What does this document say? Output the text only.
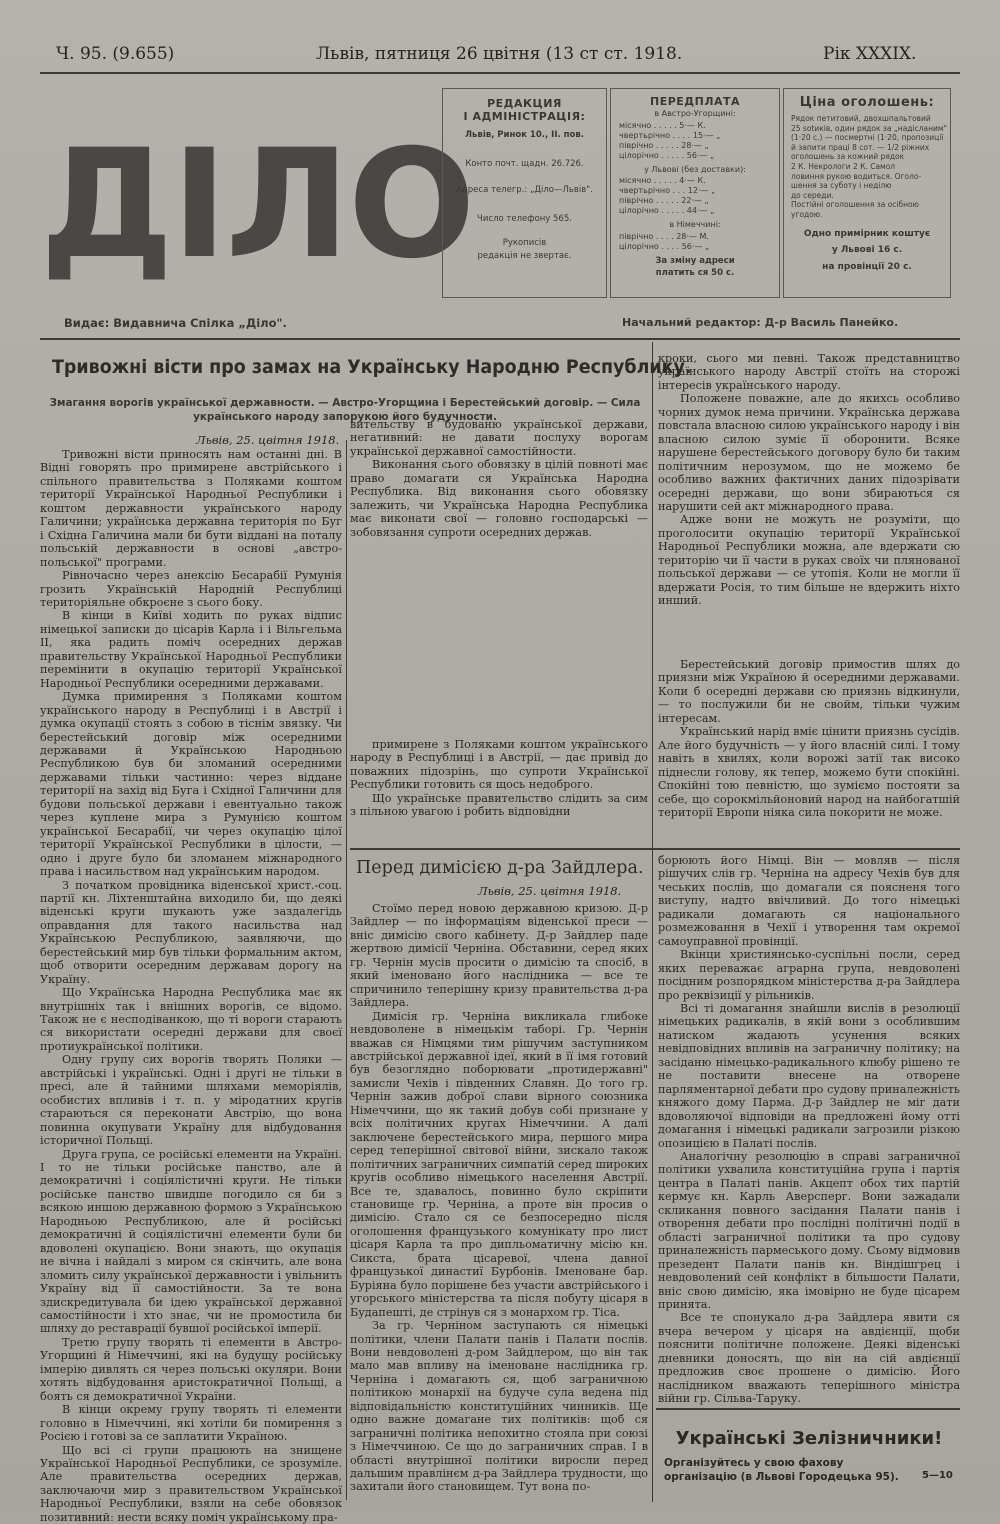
Ч. 95. (9.655)	Львів, пятниця 26 цвітня (13 ст ст. 1918.	Рік XXXIX.
ДІЛО
РЕДАКЦИЯ
І АДМІНІСТРАЦІЯ:
Львів, Ринок 10., II. пов.
Конто почт. щадн. 26.726.
Адреса телегр.: „Діло—Львів".
Число телефону 565.
Рукописів
редакція не звертає.
ПЕРЕДПЛАТА
в Австро-Угорщині:
місячно . . . . . 5·— К.
чвертьрічно . . . . 15·— „
піврічно . . . . . 28·— „
цілорічно . . . . . 56·— „
у Львові (без доставки):
місячно . . . . . 4·— К.
чвертьрічно . . . 12·— „
піврічно . . . . . 22·— „
цілорічно . . . . . 44·— „
в Німеччині:
піврічно . . . . 28·— М.
цілорічно . . . . 56·— „
За зміну адреси
платить ся 50 с.
Ціна оголошень:
Рядок петитовий, двохшпальтовий
25 sotиків, один рядок за „надісланим"
(1·20 с.) — посмертні (1·20, пропозиції
й запити праці 8 сот. — 1/2 ріжних
оголошень за кожний рядок
2 К. Некрологи 2 К. Самол
ловиння рукою водиться. Оголо-
шення за суботу і неділю
до середи.
Постійні оголошення за осібною
угодою.
Одно примірник коштує
у Львові 16 с.
на провінції 20 с.
Видає: Видавнича Спілка „Діло".	Начальний редактор: Д-р Василь Панейко.
Тривожні вісти про замах на Українську Народню Республику.
Змагання ворогів української державности. — Австро-Угорщина і Берестейський договір. — Сила українського народу запорукою його будучности.
Львів, 25. цвітня 1918.

Тривожні вісти приносять нам останні дні. В Відні говорять про примирене австрійського і спільного правительства з Поляками коштом території Української Народньої Республики і коштом державности українського народу Галичини; українська державна територія по Буг і Східна Галичина мали би бути віддані на поталу польській державности в основі „австро-польської" програми.

Рівночасно через анексію Бесарабії Румунія грозить Українській Народній Республиці територіяльне обкроєне з сього боку.

В кінци в Київі ходить по руках відпис німецької записки до цісарів Карла і і Вільгельма II, яка радить поміч осередних держав правительству Української Народньої Республики перемінити в окупацію території Української Народньої Республики осередними державами.

Думка примирення з Поляками коштом українського народу в Республиці і в Австрії і думка окупації стоять з собою в тіснім звязку. Чи берестейський договір між осередними державами й Українською Народньою Республикою був би зломаний осередними державами тільки частинно: через віддане території на захід від Буга і Східної Галичини для будови польської держави і евентуально також через куплене мира з Румунією коштом української Бесарабії, чи через окупацію цілої території Української Республики в цілости, — одно і друге було би зломанем міжнародного права і насильством над українським народом.

З початком провідника віденської христ.-соц. партії кн. Ліхтенштайна виходило би, що деякі віденські круги шукають уже заздалегідь оправдання для такого насильства над Українською Республикою, заявляючи, що берестейський мир був тільки формальним актом, щоб отворити осередним державам дорогу на Україну.

Що Українська Народна Республика має як внутрішніх так і внішних ворогів, се відомо. Також не є несподіванкою, що ті вороги старають ся використати осередні держави для своєї протиукраїнської політики.

Одну групу сих ворогів творять Поляки — австрійські і українські. Одні і другі не тільки в пресі, але й тайними шляхами меморіялів, особистих впливів і т. п. у міродатних кругів стараються ся переконати Австрію, що вона повинна окупувати Україну для відбудовання історичної Польщі.

Друга група, се російські елементи на Україні. І то не тільки російське панство, але й демократичні і соціялістичні круги. Не тільки російське панство швидше погодило ся би з всякою иншою державною формою з Українською Народньою Республикою, але й російські демократичні й соціялістичні елементи були би вдоволені окупацією. Вони знають, що окупація не вічна і найдалі з миром ся скінчить, але вона зломить силу української державности і увільнить Україну від її самостійности. За те вона здискредитувала би ідею української державної самостійности і хто знає, чи не промостила би шляху до реставрації бувшої російської імперії.

Третю групу творять ті елементи в Австро-Угорщині й Німеччині, які на будущу російську імперію дивлять ся через польські окуляри. Вони хотять відбудовання аристократичної Польщі, а боять ся демократичної України.

В кінци окрему групу творять ті елементи головно в Німеччині, які хотіли би помирення з Росією і готові за се заплатити Україною.

Що всі сі групи працюють на знищене Української Народньої Республики, се зрозуміле. Але правительства осередних держав, заключаючи мир з правительством Української Народньої Республики, взяли на себе обовязок позитивний: нести всяку поміч українському пра-

вительству в будованю української держави, негативний: не давати послуху ворогам української державної самостійности.

Виконання сього обовязку в цілій повноті має право домагати ся Українська Народна Республика. Від виконання сього обовязку залежить, чи Українська Народна Республика має виконати свої — головно господарські — зобовязання супроти осередних держав.

примирене з Поляками коштом українського народу в Республиці і в Австрії, — дає привід до поважних підозрінь, що супроти Української Республики готовить ся щось недоброго.

Що українське правительство слідить за сим з пільною увагою і робить відповідни

кроки, сього ми певні. Також представництво українського народу Австрії стоїть на сторожі інтересів українського народу.

Положене поважне, але до якихсь особливо чорних думок нема причини. Українська держава повстала власною силою українського народу і він власною силою зуміє її оборонити. Всяке нарушене берестейського договору було би таким політичним нерозумом, що не можемо бе особливо важних фактичних даних підозрівати осередні держави, що вони збираються ся нарушити сей акт міжнародного права.

Адже вони не можуть не розуміти, що проголосити окупацію території Української Народньої Республики можна, але вдержати сю територію чи її части в руках своїх чи плянованої польської держави — се утопія. Коли не могли її вдержати Росія, то тим більше не вдержить ніхто инший.

Берестейський договір примостив шлях до приязни між Україною й осередними державами. Коли б осередні держави сю приязнь відкинули, — то послужили би не свойм, тільки чужим інтересам.

Український нарід вміє цінити приязнь сусідів. Але його будучність — у його власній силі. І тому навіть в хвилях, коли ворожі затії так високо піднесли голову, як тепер, можемо бути спокійні. Спокійні тою певністю, що зуміємо постояти за себе, що сорокмільйоновий народ на найбогатшій території Европи ніяка сила покорити не може.

Перед димісією д-ра Зайдлера.
Львів, 25. цвітня 1918.

Стоїмо перед новою державною кризою. Д-р Зайдлер — по інформаціям віденської преси — вніс димісію свого кабінету. Д-р Зайдлер паде жертвою димісії Черніна. Обставини, серед яких гр. Чернін мусів просити о димісію та спосіб, в який іменовано його наслідника — все те спричинило теперішну кризу правительства д-ра Зайдлера.

Димісія гр. Черніна викликала глибоке невдоволене в німецькім таборі. Гр. Чернін вважав ся Німцями тим рішучим заступником австрійської державної ідеї, який в її імя готовий був безоглядно поборювати „протидержавні" замисли Чехів і південних Славян. До того гр. Чернін зажив доброї слави вірного союзника Німеччини, що як такий добув собі признане у всіх політичних кругах Німеччини. А далі заключене берестейського мира, першого мира серед теперішної світової війни, зискало також політичних заграничних симпатій серед широких кругів особливо німецького населення Австрії. Все те, здавалось, повинно було скріпити становище гр. Черніна, а проте він просив о димісію. Стало ся се безпосередно після оголошення французького комунікату про лист цісаря Карла та про дипльоматичну місію кн. Сикста, брата цісаревої, члена давної французької династиї Бурбонів. Іменоване бар. Буріяна було порішене без участи австрійського і угорського міністерства та після побуту цісаря в Будапешті, де стрінув ся з монархом гр. Тіса.

За гр. Черніном заступають ся німецькі політики, члени Палати панів і Палати послів. Вони невдоволені д-ром Зайдлером, що він так мало мав впливу на іменоване наслідника гр. Черніна і домагають ся, щоб заграничною політикою монархії на будуче сула ведена під відповідальністю конституційних чинників. Ще одно важне домагане тих політиків: щоб ся заграничні політика непохитно стояла при союзі з Німеччиною. Се що до заграничних справ. І в області внутрішної політики виросли перед дальшим правлінєм д-ра Зайдлера трудности, що захитали його становищем. Тут вона по-

борюють його Німці. Він — мовляв — після рішучих слів гр. Черніна на адресу Чехів був для чеських послів, що домагали ся поясненя того виступу, надто ввічливий. До того німецькі радикали домагають ся національного розмежовання в Чехії і утворення там окремої самоуправної провінції.

Вкінци християнсько-суспільні посли, серед яких переважає аграрна група, невдоволені посідним розпорядком міністерства д-ра Зайдлера про реквізиції у рільників.

Всі ті домагання знайшли вислів в резолюції німецьких радикалів, в якій вони з особлившим натиском жадають усунення всяких невідповідних впливів на заграничну політику; на засіданю німецько-радикального клюбу рішено те не поставити внесене на отворене парляментарної дебати про судову приналежність княжого дому Парма. Д-р Зайдлер не міг дати вдоволяючої відповіди на предложені йому отті домагання і німецькі радикали загрозили різкою опозицією в Палаті послів.

Аналогічну резолюцію в справі заграничної політики ухвалила конституційна група і партія центра в Палаті панів. Акцепт обох тих партій кермує кн. Карль Аверсперг. Вони зажадали скликання повного засідання Палати панів і отворення дебати про послідні політичні події в області заграничної політики та про судову приналежність пармеського дому. Сьому відмовив презедент Палати панів кн. Віндішгрец і невдоволений сей конфлікт в більшости Палати, вніс свою димісію, яка імовірно не буде цісарем принята.

Все те спонукало д-ра Зайдлера явити ся вчера вечером у цісаря на авдієнції, щоби пояснити політичне положене. Деякі віденські дневники доносять, що він на сій авдієнції предложив своє прошене о димісію. Його наслідником вважають теперішного міністра війни гр. Сільва-Таруку.

Українські Зелізничники!
Організуйтесь у свою фахову організацію (в Львові Городецька 95).	5—10
